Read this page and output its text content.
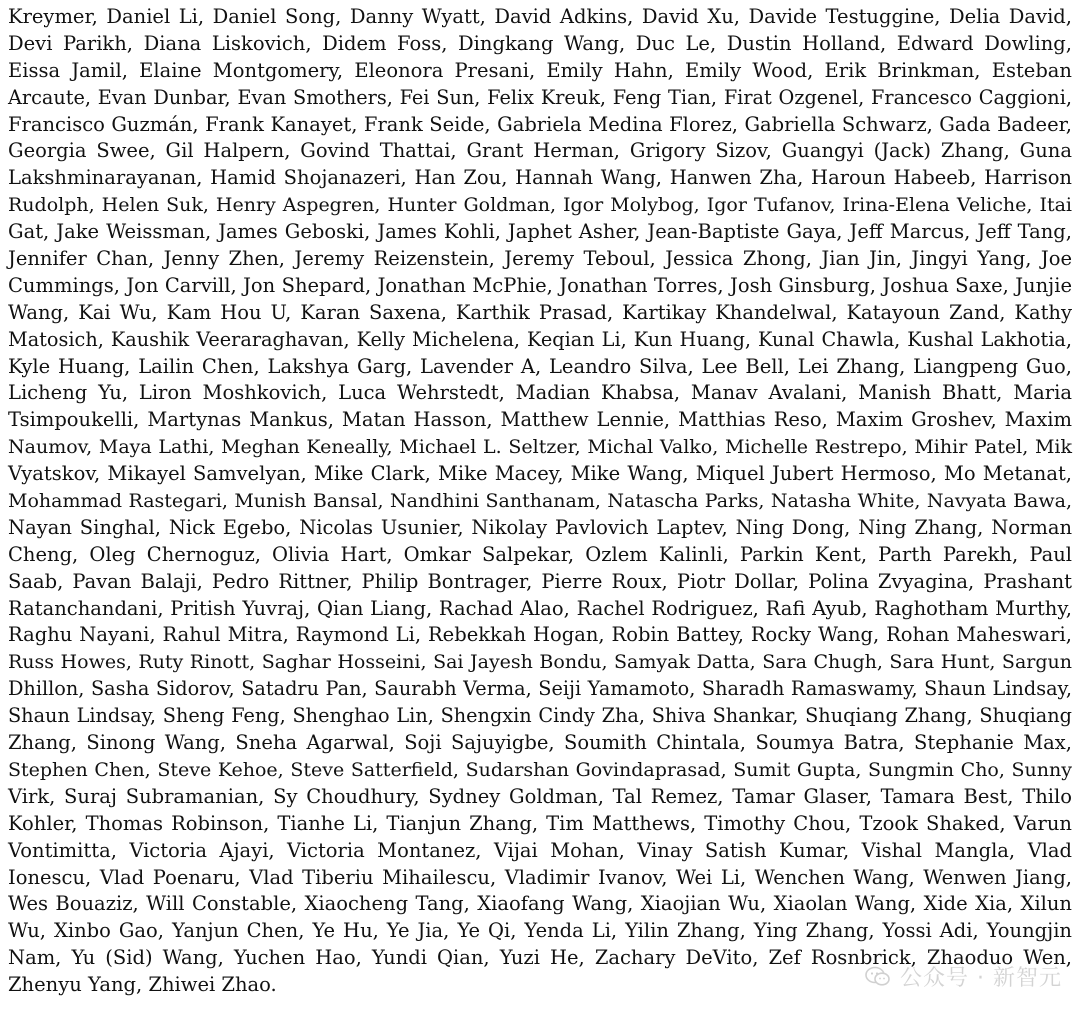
Kreymer, Daniel Li, Daniel Song, Danny Wyatt, David Adkins, David Xu, Davide Testuggine, Delia David,
Devi Parikh, Diana Liskovich, Didem Foss, Dingkang Wang, Duc Le, Dustin Holland, Edward Dowling,
Eissa Jamil, Elaine Montgomery, Eleonora Presani, Emily Hahn, Emily Wood, Erik Brinkman, Esteban
Arcaute, Evan Dunbar, Evan Smothers, Fei Sun, Felix Kreuk, Feng Tian, Firat Ozgenel, Francesco Caggioni,
Francisco Guzmán, Frank Kanayet, Frank Seide, Gabriela Medina Florez, Gabriella Schwarz, Gada Badeer,
Georgia Swee, Gil Halpern, Govind Thattai, Grant Herman, Grigory Sizov, Guangyi (Jack) Zhang, Guna
Lakshminarayanan, Hamid Shojanazeri, Han Zou, Hannah Wang, Hanwen Zha, Haroun Habeeb, Harrison
Rudolph, Helen Suk, Henry Aspegren, Hunter Goldman, Igor Molybog, Igor Tufanov, Irina-Elena Veliche, Itai
Gat, Jake Weissman, James Geboski, James Kohli, Japhet Asher, Jean-Baptiste Gaya, Jeff Marcus, Jeff Tang,
Jennifer Chan, Jenny Zhen, Jeremy Reizenstein, Jeremy Teboul, Jessica Zhong, Jian Jin, Jingyi Yang, Joe
Cummings, Jon Carvill, Jon Shepard, Jonathan McPhie, Jonathan Torres, Josh Ginsburg, Joshua Saxe, Junjie
Wang, Kai Wu, Kam Hou U, Karan Saxena, Karthik Prasad, Kartikay Khandelwal, Katayoun Zand, Kathy
Matosich, Kaushik Veeraraghavan, Kelly Michelena, Keqian Li, Kun Huang, Kunal Chawla, Kushal Lakhotia,
Kyle Huang, Lailin Chen, Lakshya Garg, Lavender A, Leandro Silva, Lee Bell, Lei Zhang, Liangpeng Guo,
Licheng Yu, Liron Moshkovich, Luca Wehrstedt, Madian Khabsa, Manav Avalani, Manish Bhatt, Maria
Tsimpoukelli, Martynas Mankus, Matan Hasson, Matthew Lennie, Matthias Reso, Maxim Groshev, Maxim
Naumov, Maya Lathi, Meghan Keneally, Michael L. Seltzer, Michal Valko, Michelle Restrepo, Mihir Patel, Mik
Vyatskov, Mikayel Samvelyan, Mike Clark, Mike Macey, Mike Wang, Miquel Jubert Hermoso, Mo Metanat,
Mohammad Rastegari, Munish Bansal, Nandhini Santhanam, Natascha Parks, Natasha White, Navyata Bawa,
Nayan Singhal, Nick Egebo, Nicolas Usunier, Nikolay Pavlovich Laptev, Ning Dong, Ning Zhang, Norman
Cheng, Oleg Chernoguz, Olivia Hart, Omkar Salpekar, Ozlem Kalinli, Parkin Kent, Parth Parekh, Paul
Saab, Pavan Balaji, Pedro Rittner, Philip Bontrager, Pierre Roux, Piotr Dollar, Polina Zvyagina, Prashant
Ratanchandani, Pritish Yuvraj, Qian Liang, Rachad Alao, Rachel Rodriguez, Rafi Ayub, Raghotham Murthy,
Raghu Nayani, Rahul Mitra, Raymond Li, Rebekkah Hogan, Robin Battey, Rocky Wang, Rohan Maheswari,
Russ Howes, Ruty Rinott, Saghar Hosseini, Sai Jayesh Bondu, Samyak Datta, Sara Chugh, Sara Hunt, Sargun
Dhillon, Sasha Sidorov, Satadru Pan, Saurabh Verma, Seiji Yamamoto, Sharadh Ramaswamy, Shaun Lindsay,
Shaun Lindsay, Sheng Feng, Shenghao Lin, Shengxin Cindy Zha, Shiva Shankar, Shuqiang Zhang, Shuqiang
Zhang, Sinong Wang, Sneha Agarwal, Soji Sajuyigbe, Soumith Chintala, Soumya Batra, Stephanie Max,
Stephen Chen, Steve Kehoe, Steve Satterfield, Sudarshan Govindaprasad, Sumit Gupta, Sungmin Cho, Sunny
Virk, Suraj Subramanian, Sy Choudhury, Sydney Goldman, Tal Remez, Tamar Glaser, Tamara Best, Thilo
Kohler, Thomas Robinson, Tianhe Li, Tianjun Zhang, Tim Matthews, Timothy Chou, Tzook Shaked, Varun
Vontimitta, Victoria Ajayi, Victoria Montanez, Vijai Mohan, Vinay Satish Kumar, Vishal Mangla, Vlad
Ionescu, Vlad Poenaru, Vlad Tiberiu Mihailescu, Vladimir Ivanov, Wei Li, Wenchen Wang, Wenwen Jiang,
Wes Bouaziz, Will Constable, Xiaocheng Tang, Xiaofang Wang, Xiaojian Wu, Xiaolan Wang, Xide Xia, Xilun
Wu, Xinbo Gao, Yanjun Chen, Ye Hu, Ye Jia, Ye Qi, Yenda Li, Yilin Zhang, Ying Zhang, Yossi Adi, Youngjin
Nam, Yu (Sid) Wang, Yuchen Hao, Yundi Qian, Yuzi He, Zachary DeVito, Zef Rosnbrick, Zhaoduo Wen,
Zhenyu Yang, Zhiwei Zhao.	公众号 · 新智元
